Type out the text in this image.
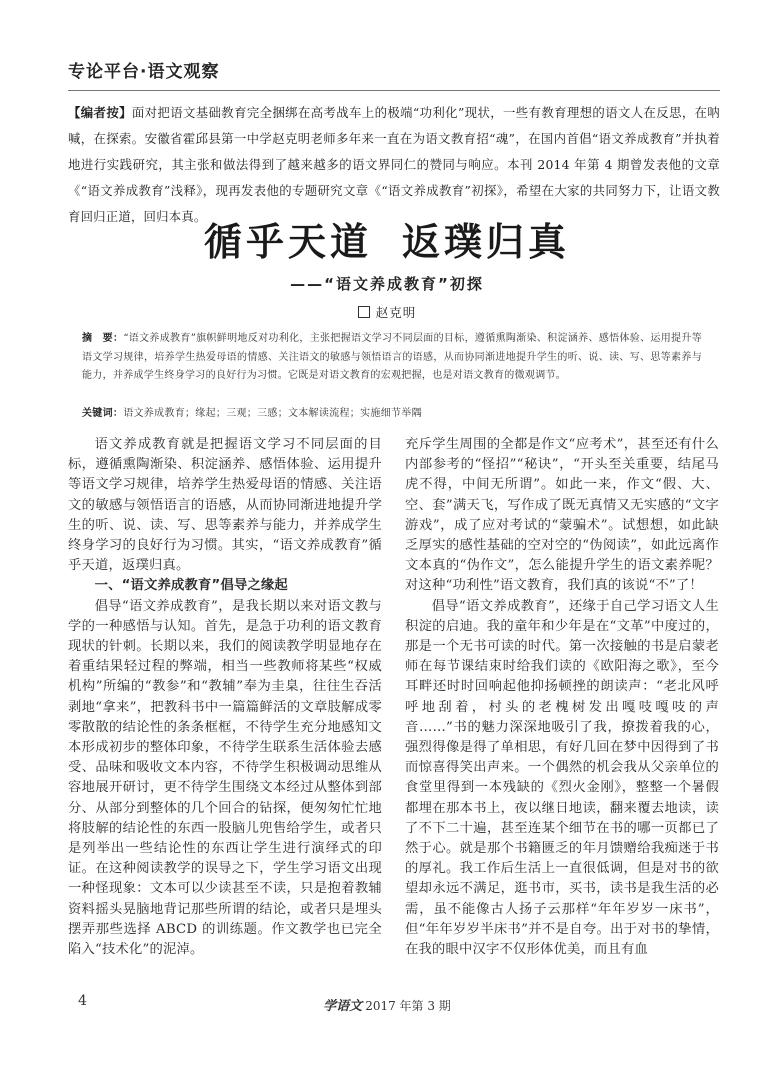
专论平台·语文观察
【编者按】面对把语文基础教育完全捆绑在高考战车上的极端“功利化”现状，一些有教育理想的语文人在反思，在呐喊，在探索。安徽省霍邱县第一中学赵克明老师多年来一直在为语文教育招“魂”，在国内首倡“语文养成教育”并执着地进行实践研究，其主张和做法得到了越来越多的语文界同仁的赞同与响应。本刊 2014 年第 4 期曾发表他的文章《“语文养成教育”浅释》，现再发表他的专题研究文章《“语文养成教育”初探》，希望在大家的共同努力下，让语文教育回归正道，回归本真。
循乎天道 返璞归真
——“语文养成教育”初探
赵克明
摘　要：“语文养成教育”旗帜鲜明地反对功利化，主张把握语文学习不同层面的目标，遵循熏陶渐染、积淀涵养、感悟体验、运用提升等语文学习规律，培养学生热爱母语的情感、关注语文的敏感与领悟语言的语感，从而协同渐进地提升学生的听、说、读、写、思等素养与能力，并养成学生终身学习的良好行为习惯。它既是对语文教育的宏观把握，也是对语文教育的微观调节。
关键词：语文养成教育；缘起；三观；三感；文本解读流程；实施细节举隅

语文养成教育就是把握语文学习不同层面的目标，遵循熏陶渐染、积淀涵养、感悟体验、运用提升等语文学习规律，培养学生热爱母语的情感、关注语文的敏感与领悟语言的语感，从而协同渐进地提升学生的听、说、读、写、思等素养与能力，并养成学生终身学习的良好行为习惯。其实，“语文养成教育”循乎天道，返璞归真。

一、“语文养成教育”倡导之缘起

倡导“语文养成教育”，是我长期以来对语文教与学的一种感悟与认知。首先，是急于功利的语文教育现状的针刺。长期以来，我们的阅读教学明显地存在着重结果轻过程的弊端，相当一些教师将某些“权威机构”所编的“教参”和“教辅”奉为圭臬，往往生吞活剥地“拿来”，把教科书中一篇篇鲜活的文章肢解成零零散散的结论性的条条框框，不待学生充分地感知文本形成初步的整体印象，不待学生联系生活体验去感受、品味和吸收文本内容，不待学生积极调动思维从容地展开研讨，更不待学生围绕文本经过从整体到部分、从部分到整体的几个回合的钻探，便匆匆忙忙地将肢解的结论性的东西一股脑儿兜售给学生，或者只是列举出一些结论性的东西让学生进行演绎式的印证。在这种阅读教学的误导之下，学生学习语文出现一种怪现象：文本可以少读甚至不读，只是抱着教辅资料摇头晃脑地背记那些所谓的结论，或者只是埋头摆弄那些选择 ABCD 的训练题。作文教学也已完全陷入“技术化”的泥淖。

充斥学生周围的全都是作文“应考术”，甚至还有什么内部参考的“怪招”“秘诀”，“开头至关重要，结尾马虎不得，中间无所谓”。如此一来，作文“假、大、空、套”满天飞，写作成了既无真情又无实感的“文字游戏”，成了应对考试的“蒙骗术”。试想想，如此缺乏厚实的感性基础的空对空的“伪阅读”，如此远离作文本真的“伪作文”，怎么能提升学生的语文素养呢？对这种“功利性”语文教育，我们真的该说“不”了！

倡导“语文养成教育”，还缘于自己学习语文人生积淀的启迪。我的童年和少年是在“文革”中度过的，那是一个无书可读的时代。第一次接触的书是启蒙老师在每节课结束时给我们读的《欧阳海之歌》，至今耳畔还时时回响起他抑扬顿挫的朗读声：“老北风呼呼地刮着，村头的老槐树发出嘎吱嘎吱的声音……”书的魅力深深地吸引了我，撩拨着我的心，强烈得像是得了单相思，有好几回在梦中因得到了书而惊喜得笑出声来。一个偶然的机会我从父亲单位的食堂里得到一本残缺的《烈火金刚》，整整一个暑假都埋在那本书上，夜以继日地读，翻来覆去地读，读了不下二十遍，甚至连某个细节在书的哪一页都已了然于心。就是那个书籍匮乏的年月馈赠给我痴迷于书的厚礼。我工作后生活上一直很低调，但是对书的欲望却永远不满足，逛书市，买书，读书是我生活的必需，虽不能像古人扬子云那样“年年岁岁一床书”，但“年年岁岁半床书”并不是自夸。出于对书的挚情，在我的眼中汉字不仅形体优美，而且有血

4	学语文 2017 年第 3 期
